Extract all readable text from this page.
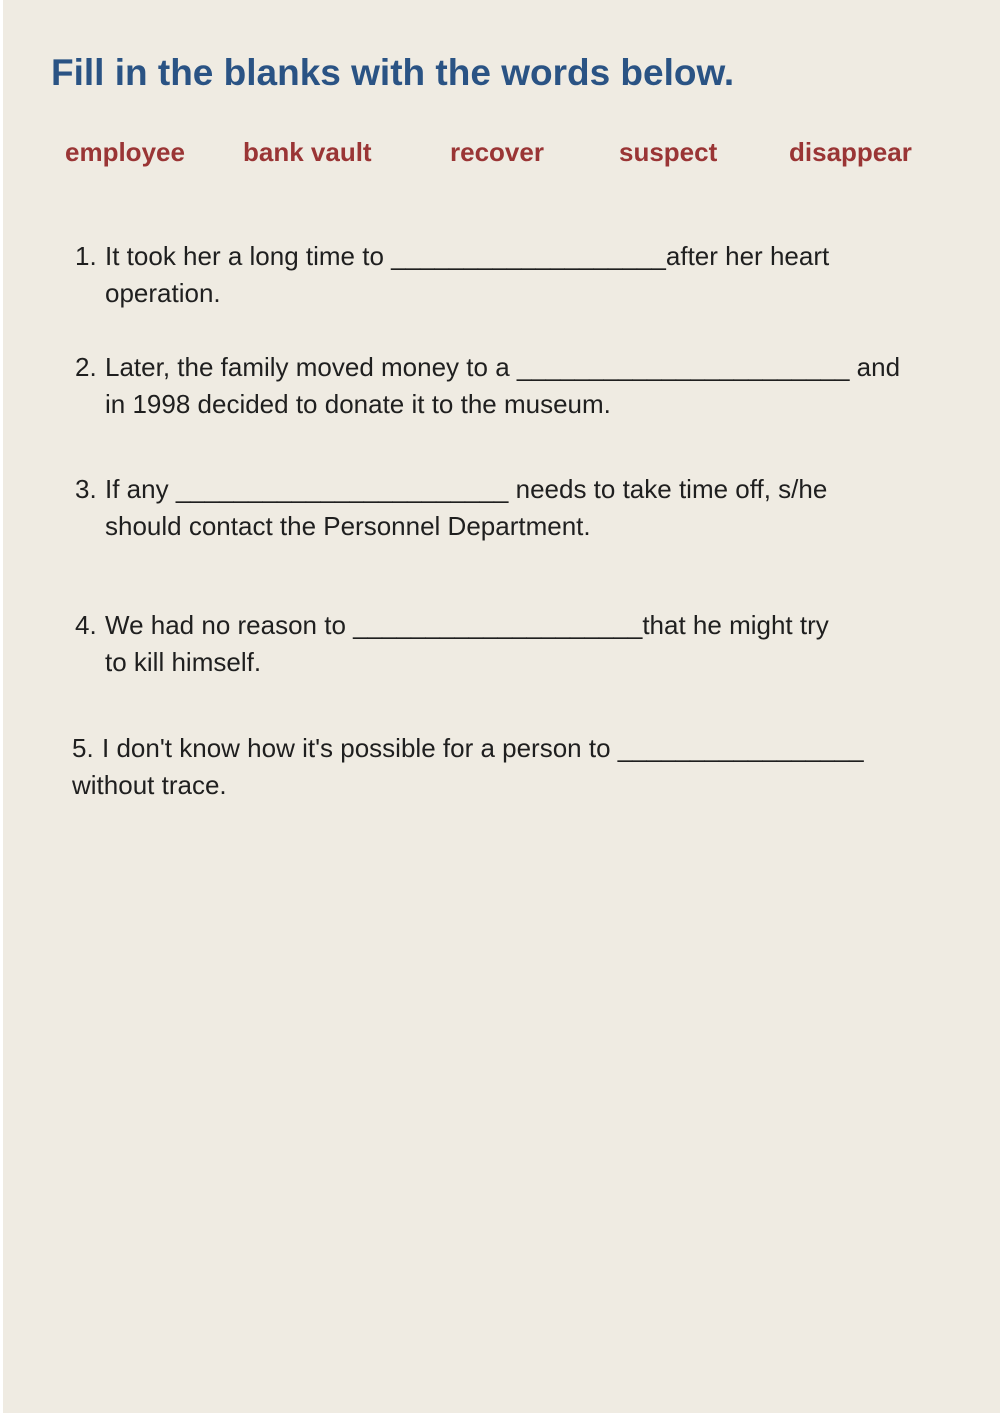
Fill in the blanks with the words below.
employee bank vault	recover	suspect	disappear
1. It took her a long time to ___________________after her heart
operation.
2. Later, the family moved money to a _______________________ and
in 1998 decided to donate it to the museum.
3. If any _______________________ needs to take time off, s/he
should contact the Personnel Department.
4. We had no reason to ____________________that he might try
to kill himself.
5. I don't know how it's possible for a person to _________________
without trace.
